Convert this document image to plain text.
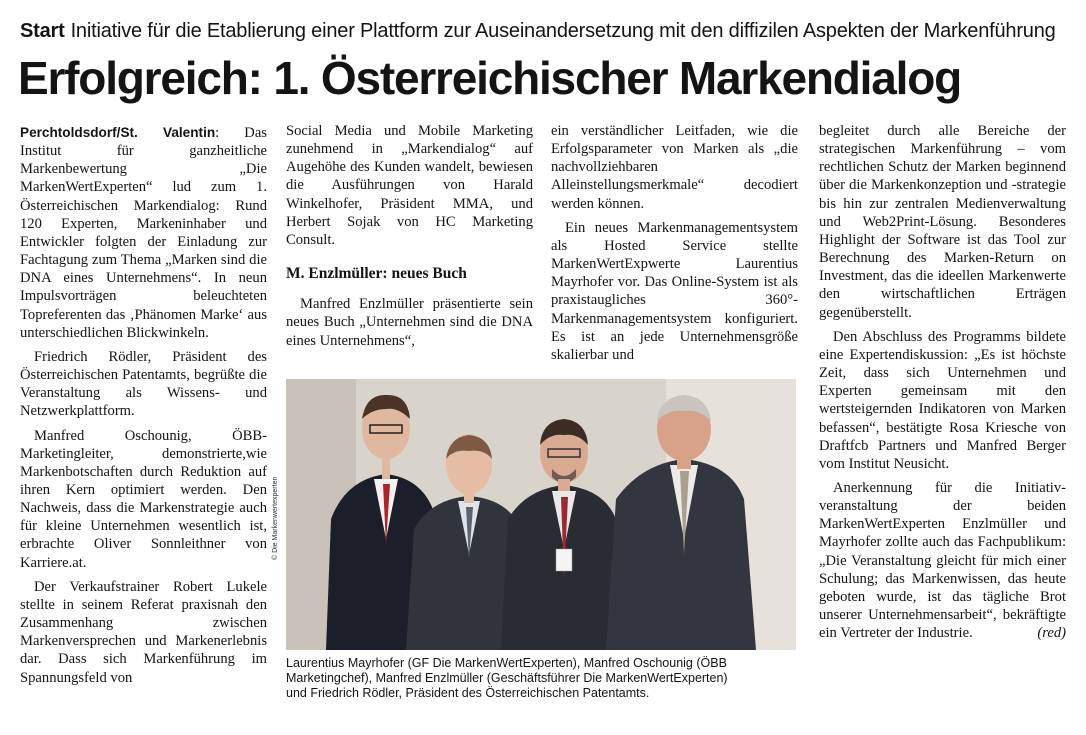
Start Initiative für die Etablierung einer Plattform zur Auseinandersetzung mit den diffizilen Aspekten der Markenführung
Erfolgreich: 1. Österreichischer Markendialog

Perchtoldsdorf/St. Valentin: Das Institut für ganzheitliche Markenbewertung „Die MarkenWertExperten“ lud zum 1. Österreichischen Markendialog: Rund 120 Experten, Markeninhaber und Entwickler folgten der Einladung zur Fachtagung zum Thema „Marken sind die DNA eines Unternehmens“. In neun Impulsvorträgen beleuchteten Topreferenten das ‚Phänomen Marke‘ aus unterschiedlichen Blickwinkeln.

Friedrich Rödler, Präsident des Österreichischen Patentamts, begrüßte die Veranstaltung als Wissens- und Netzwerkplattform.

Manfred Oschounig, ÖBB-Marketingleiter, demonstrierte,wie Markenbotschaften durch Reduktion auf ihren Kern optimiert werden. Den Nachweis, dass die Markenstrategie auch für kleine Unternehmen wesentlich ist, erbrachte Oliver Sonnleithner von Karriere.at.

Der Verkaufstrainer Robert Lukele stellte in seinem Referat praxisnah den Zusammenhang zwischen Markenversprechen und Markenerlebnis dar. Dass sich Markenführung im Spannungsfeld von

Social Media und Mobile Marketing zunehmend in „Markendialog“ auf Augehöhe des Kunden wandelt, bewiesen die Ausführungen von Harald Winkelhofer, Präsident MMA, und Herbert Sojak von HC Marketing Consult.

M. Enzlmüller: neues Buch

Manfred Enzlmüller präsentierte sein neues Buch „Unternehmen sind die DNA eines Unternehmens“,

ein verständlicher Leitfaden, wie die Erfolgsparameter von Marken als „die nachvollziehbaren Alleinstellungsmerkmale“ decodiert werden können.

Ein neues Markenmanagementsystem als Hosted Service stellte MarkenWertExpwerte Laurentius Mayrhofer vor. Das Online-System ist als praxistaugliches 360°-Markenmanagementsystem konfiguriert. Es ist an jede Unternehmensgröße skalierbar und

begleitet durch alle Bereiche der strategischen Markenführung – vom rechtlichen Schutz der Marken beginnend über die Markenkonzeption und -strategie bis hin zur zentralen Medienverwaltung und Web2Print-Lösung. Besonderes Highlight der Software ist das Tool zur Berechnung des Marken-Return on Investment, das die ideellen Markenwerte den wirtschaftlichen Erträgen gegenüberstellt.

Den Abschluss des Programms bildete eine Expertendiskussion: „Es ist höchste Zeit, dass sich Unternehmen und Experten gemeinsam mit den wertsteigernden Indikatoren von Marken befassen“, bestätigte Rosa Kriesche von Draftfcb Partners und Manfred Berger vom Institut Neusicht.

Anerkennung für die Initiativveranstaltung der beiden MarkenWertExperten Enzlmüller und Mayrhofer zollte auch das Fachpublikum: „Die Veranstaltung gleicht für mich einer Schulung; das Markenwissen, das heute geboten wurde, ist das tägliche Brot unserer Unternehmensarbeit“, bekräftigte ein Vertreter der Industrie.	(red)

© Die Markenwertexperten
Laurentius Mayrhofer (GF Die MarkenWertExperten), Manfred Oschounig (ÖBB
Marketingchef), Manfred Enzlmüller (Geschäftsführer Die MarkenWertExperten)
und Friedrich Rödler, Präsident des Österreichischen Patentamts.
